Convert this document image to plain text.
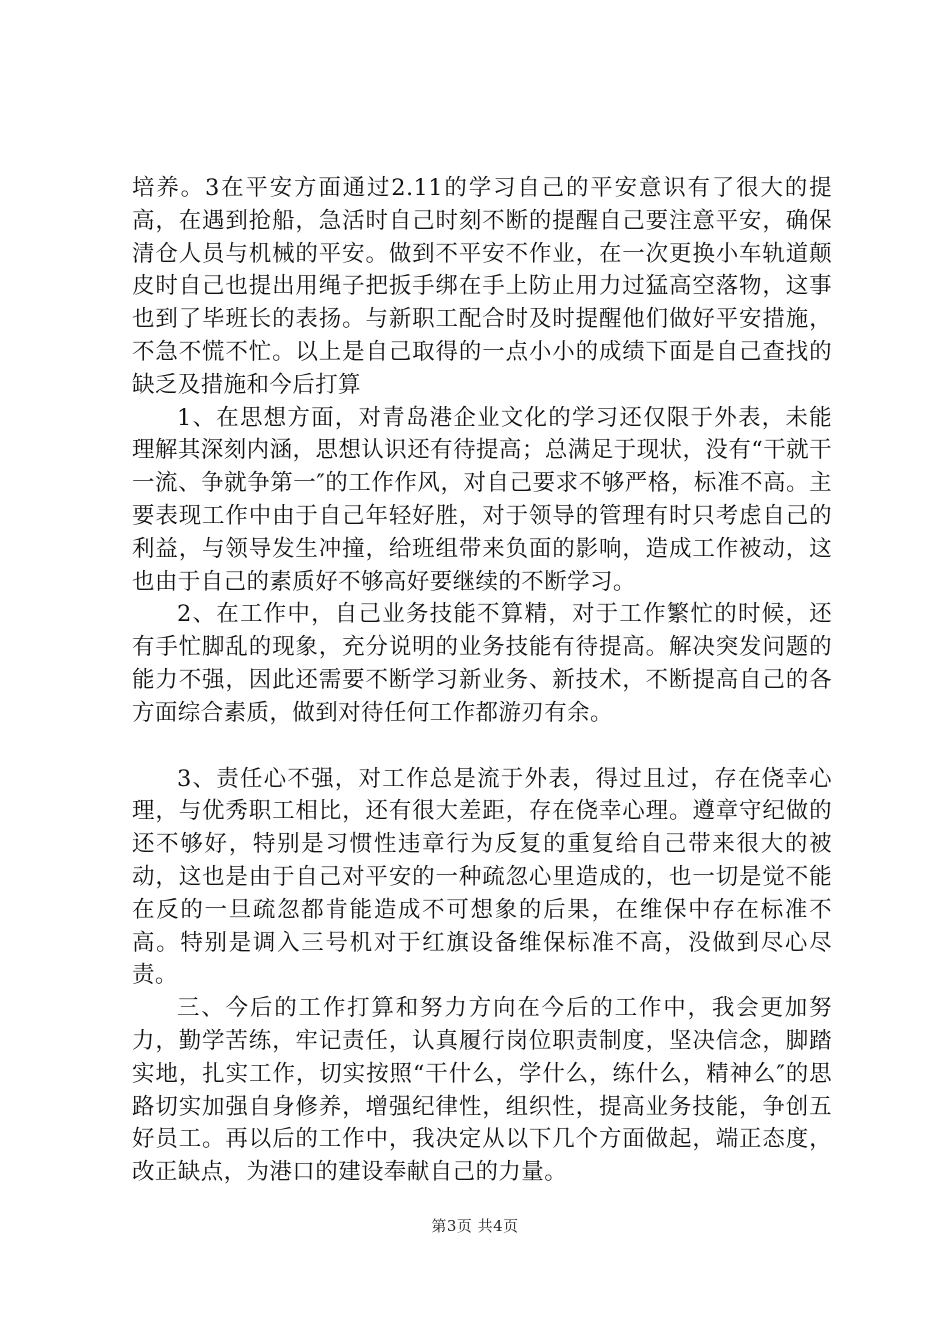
培养。3在平安方面通过2.11的学习自己的平安意识有了很大的提高，在遇到抢船，急活时自己时刻不断的提醒自己要注意平安，确保清仓人员与机械的平安。做到不平安不作业，在一次更换小车轨道颠皮时自己也提出用绳子把扳手绑在手上防止用力过猛高空落物，这事也到了毕班长的表扬。与新职工配合时及时提醒他们做好平安措施，不急不慌不忙。以上是自己取得的一点小小的成绩下面是自己查找的缺乏及措施和今后打算

1、在思想方面，对青岛港企业文化的学习还仅限于外表，未能理解其深刻内涵，思想认识还有待提高；总满足于现状，没有“干就干一流、争就争第一″的工作作风，对自己要求不够严格，标准不高。主要表现工作中由于自己年轻好胜，对于领导的管理有时只考虑自己的利益，与领导发生冲撞，给班组带来负面的影响，造成工作被动，这也由于自己的素质好不够高好要继续的不断学习。

2、在工作中，自己业务技能不算精，对于工作繁忙的时候，还有手忙脚乱的现象，充分说明的业务技能有待提高。解决突发问题的能力不强，因此还需要不断学习新业务、新技术，不断提高自己的各方面综合素质，做到对待任何工作都游刃有余。

3、责任心不强，对工作总是流于外表，得过且过，存在侥幸心理，与优秀职工相比，还有很大差距，存在侥幸心理。遵章守纪做的还不够好，特别是习惯性违章行为反复的重复给自己带来很大的被动，这也是由于自己对平安的一种疏忽心里造成的，也一切是觉不能在反的一旦疏忽都肯能造成不可想象的后果，在维保中存在标准不高。特别是调入三号机对于红旗设备维保标准不高，没做到尽心尽责。

三、今后的工作打算和努力方向在今后的工作中，我会更加努力，勤学苦练，牢记责任，认真履行岗位职责制度，坚决信念，脚踏实地，扎实工作，切实按照“干什么，学什么，练什么，精神么″的思路切实加强自身修养，增强纪律性，组织性，提高业务技能，争创五好员工。再以后的工作中，我决定从以下几个方面做起，端正态度，改正缺点，为港口的建设奉献自己的力量。

第3页 共4页
